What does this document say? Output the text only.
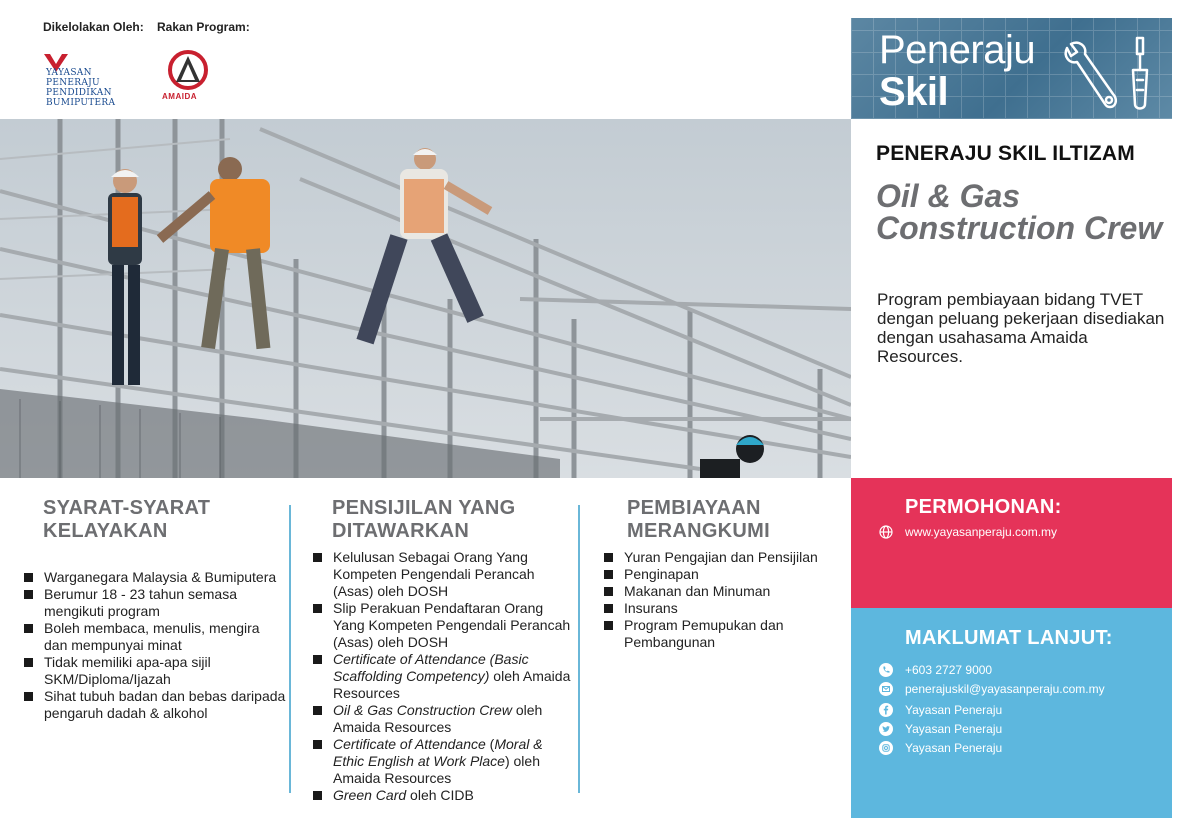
Dikelolakan Oleh: Rakan Program:
YAYASAN
PENERAJU
PENDIDIKAN
BUMIPUTERA
AMAIDA
Peneraju
Skil
PENERAJU SKIL ILTIZAM
Oil & Gas Construction Crew
Program pembiayaan bidang TVET dengan peluang pekerjaan disediakan dengan usahasama Amaida Resources.
SYARAT-SYARAT KELAYAKAN
Warganegara Malaysia & Bumiputera
Berumur 18 - 23 tahun semasa mengikuti program
Boleh membaca, menulis, mengira dan mempunyai minat
Tidak memiliki apa-apa sijil SKM/Diploma/Ijazah
Sihat tubuh badan dan bebas daripada pengaruh dadah & alkohol
PENSIJILAN YANG DITAWARKAN
Kelulusan Sebagai Orang Yang Kompeten Pengendali Perancah (Asas) oleh DOSH
Slip Perakuan Pendaftaran Orang Yang Kompeten Pengendali Perancah (Asas) oleh DOSH
Certificate of Attendance (Basic Scaffolding Competency) oleh Amaida Resources
Oil & Gas Construction Crew oleh Amaida Resources
Certificate of Attendance (Moral & Ethic English at Work Place) oleh Amaida Resources
Green Card oleh CIDB
PEMBIAYAAN MERANGKUMI
Yuran Pengajian dan Pensijilan
Penginapan
Makanan dan Minuman
Insurans
Program Pemupukan dan Pembangunan
PERMOHONAN:
www.yayasanperaju.com.my
MAKLUMAT LANJUT:
+603 2727 9000
penerajuskil@yayasanperaju.com.my
Yayasan Peneraju
Yayasan Peneraju
Yayasan Peneraju
